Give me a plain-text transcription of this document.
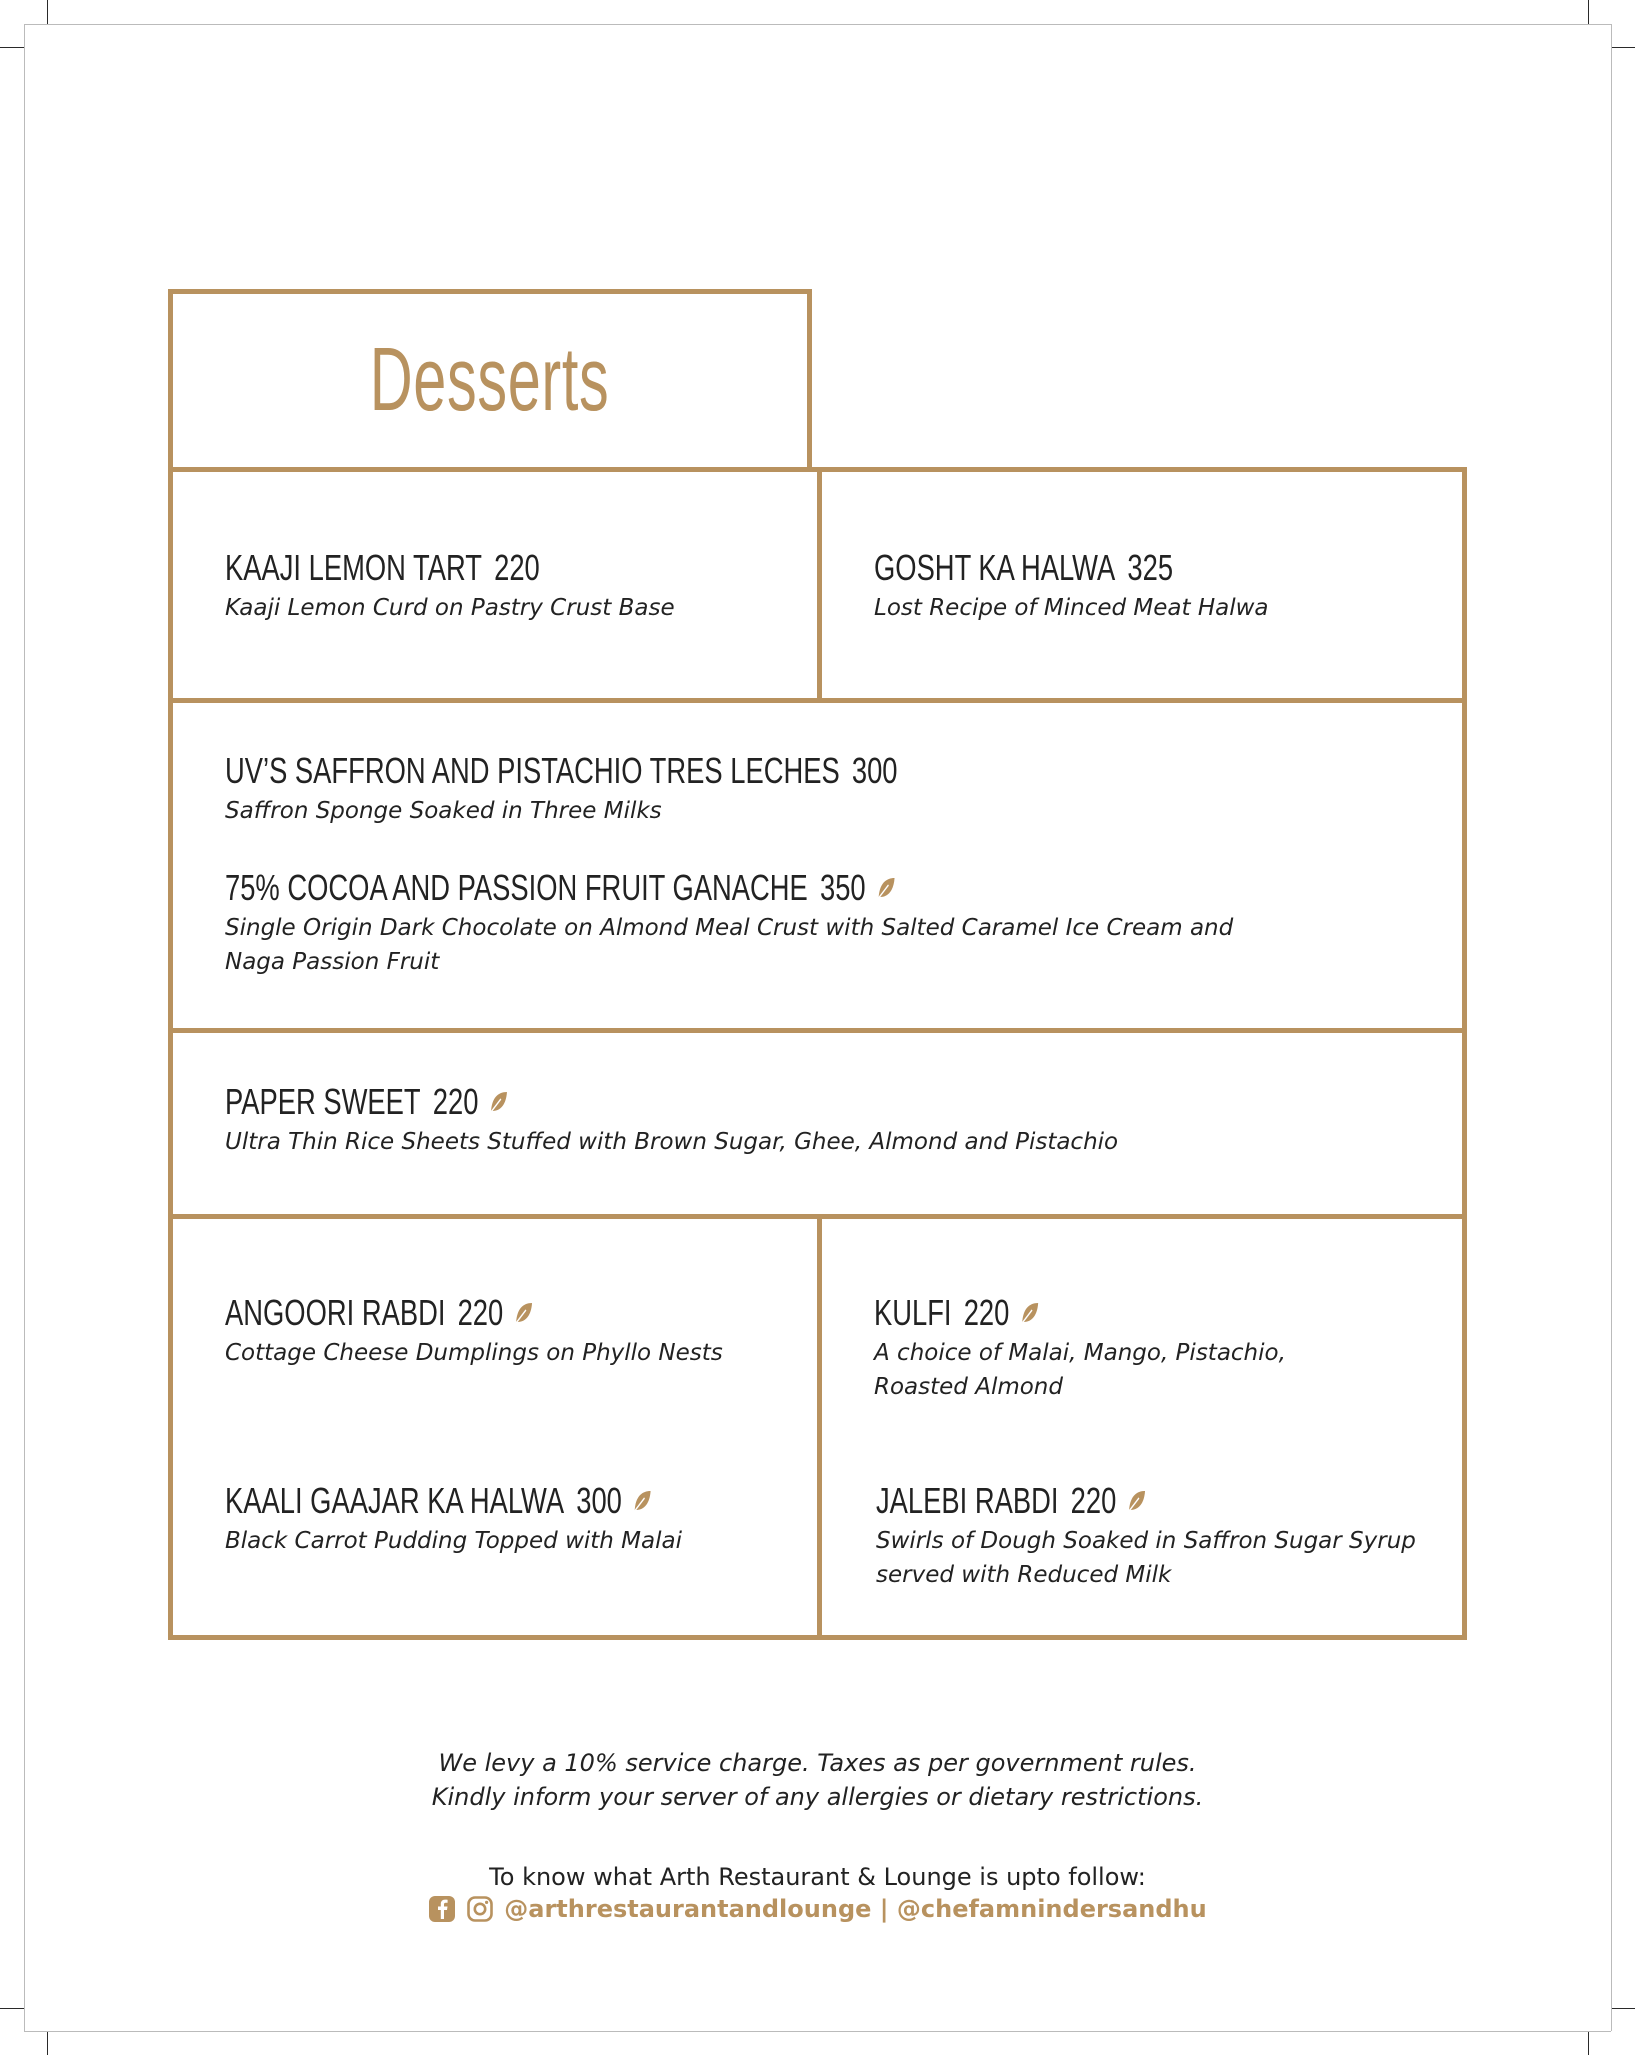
Desserts
KAAJI LEMON TART 220
Kaaji Lemon Curd on Pastry Crust Base
GOSHT KA HALWA 325
Lost Recipe of Minced Meat Halwa
UV’S SAFFRON AND PISTACHIO TRES LECHES 300
Saffron Sponge Soaked in Three Milks
75% COCOA AND PASSION FRUIT GANACHE 350
Single Origin Dark Chocolate on Almond Meal Crust with Salted Caramel Ice Cream and
Naga Passion Fruit
PAPER SWEET 220
Ultra Thin Rice Sheets Stuffed with Brown Sugar, Ghee, Almond and Pistachio
ANGOORI RABDI 220
Cottage Cheese Dumplings on Phyllo Nests
KULFI 220
A choice of Malai, Mango, Pistachio,
Roasted Almond
KAALI GAAJAR KA HALWA 300
Black Carrot Pudding Topped with Malai
JALEBI RABDI 220
Swirls of Dough Soaked in Saffron Sugar Syrup
served with Reduced Milk
We levy a 10% service charge. Taxes as per government rules.
Kindly inform your server of any allergies or dietary restrictions.
To know what Arth Restaurant & Lounge is upto follow:
@arthrestaurantandlounge | @chefamnindersandhu
